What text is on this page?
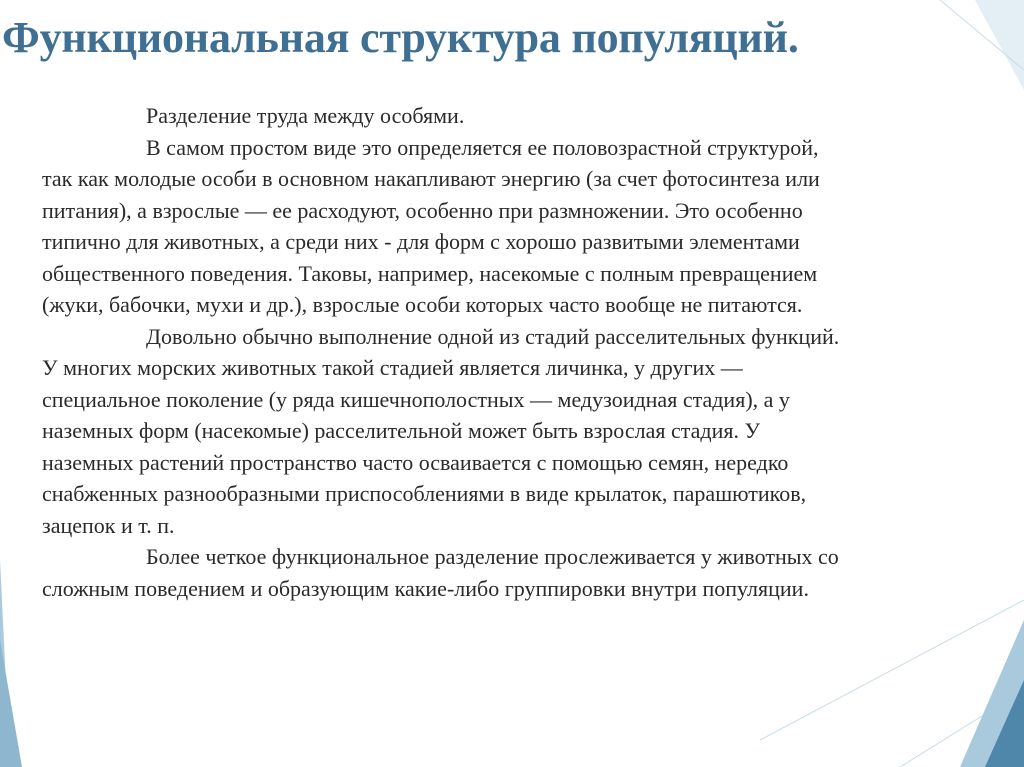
Функциональная структура популяций.
Разделение труда между особями.
В самом простом виде это определяется ее половозрастной структурой,
так как молодые особи в основном накапливают энергию (за счет фотосинтеза или
питания), а взрослые — ее расходуют, особенно при размножении. Это особенно
типично для животных, а среди них - для форм с хорошо развитыми элементами
общественного поведения. Таковы, например, насекомые с полным превращением
(жуки, бабочки, мухи и др.), взрослые особи которых часто вообще не питаются.
Довольно обычно выполнение одной из стадий расселительных функций.
У многих морских животных такой стадией является личинка, у других —
специальное поколение (у ряда кишечнополостных — медузоидная стадия), а у
наземных форм (насекомые) расселительной может быть взрослая стадия. У
наземных растений пространство часто осваивается с помощью семян, нередко
снабженных разнообразными приспособлениями в виде крылаток, парашютиков,
зацепок и т. п.
Более четкое функциональное разделение прослеживается у животных со
сложным поведением и образующим какие-либо группировки внутри популяции.
